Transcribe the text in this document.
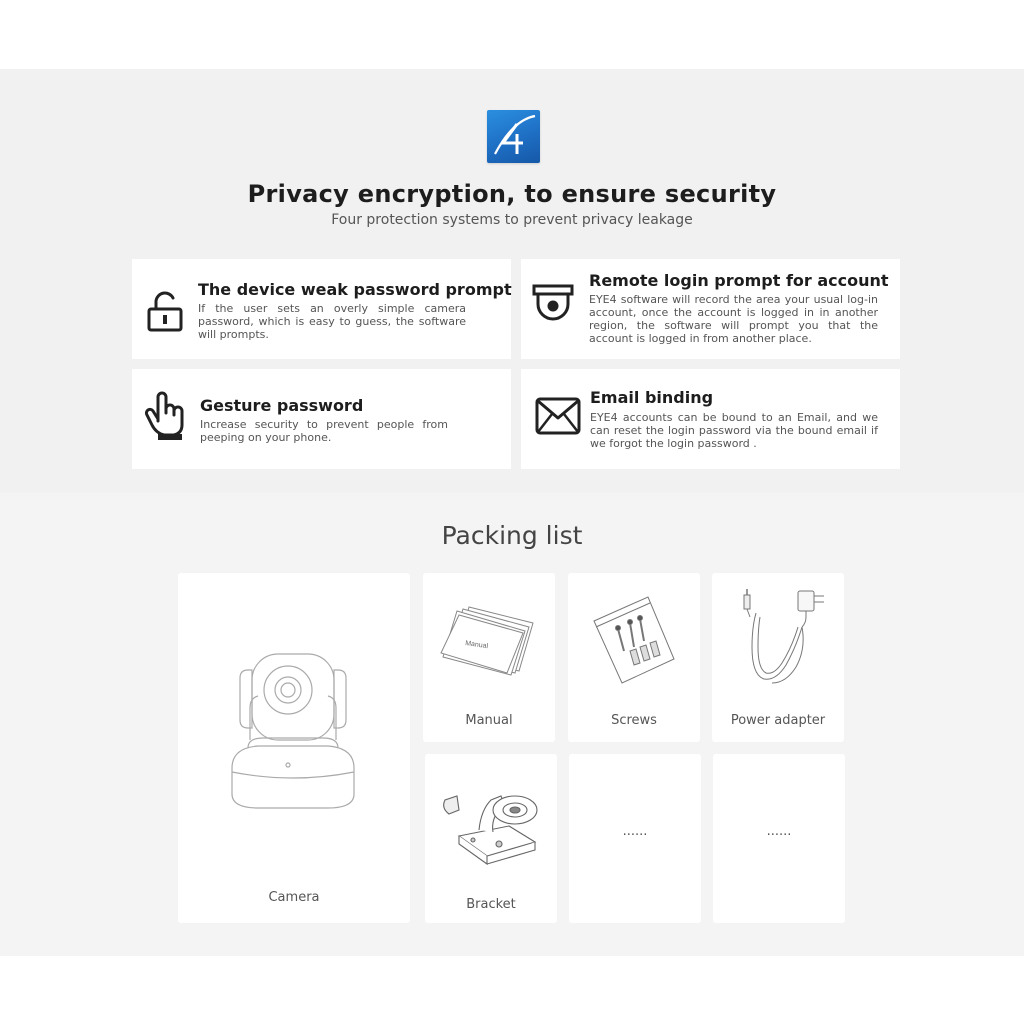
Privacy encryption, to ensure security
Four protection systems to prevent privacy leakage
The device weak password prompt
If the user sets an overly simple camera password, which is easy to guess, the software will prompts.
Remote login prompt for account
EYE4 software will record the area your usual log-in account, once the account is logged in in another region, the software will prompt you that the account is logged in from another place.
Gesture password
Increase security to prevent people from peeping on your phone.
Email binding
EYE4 accounts can be bound to an Email, and we can reset the login password via the bound email if we forgot the login password .
Packing list
Camera
Manual
Manual	Screws	Power adapter
Bracket
......	......
